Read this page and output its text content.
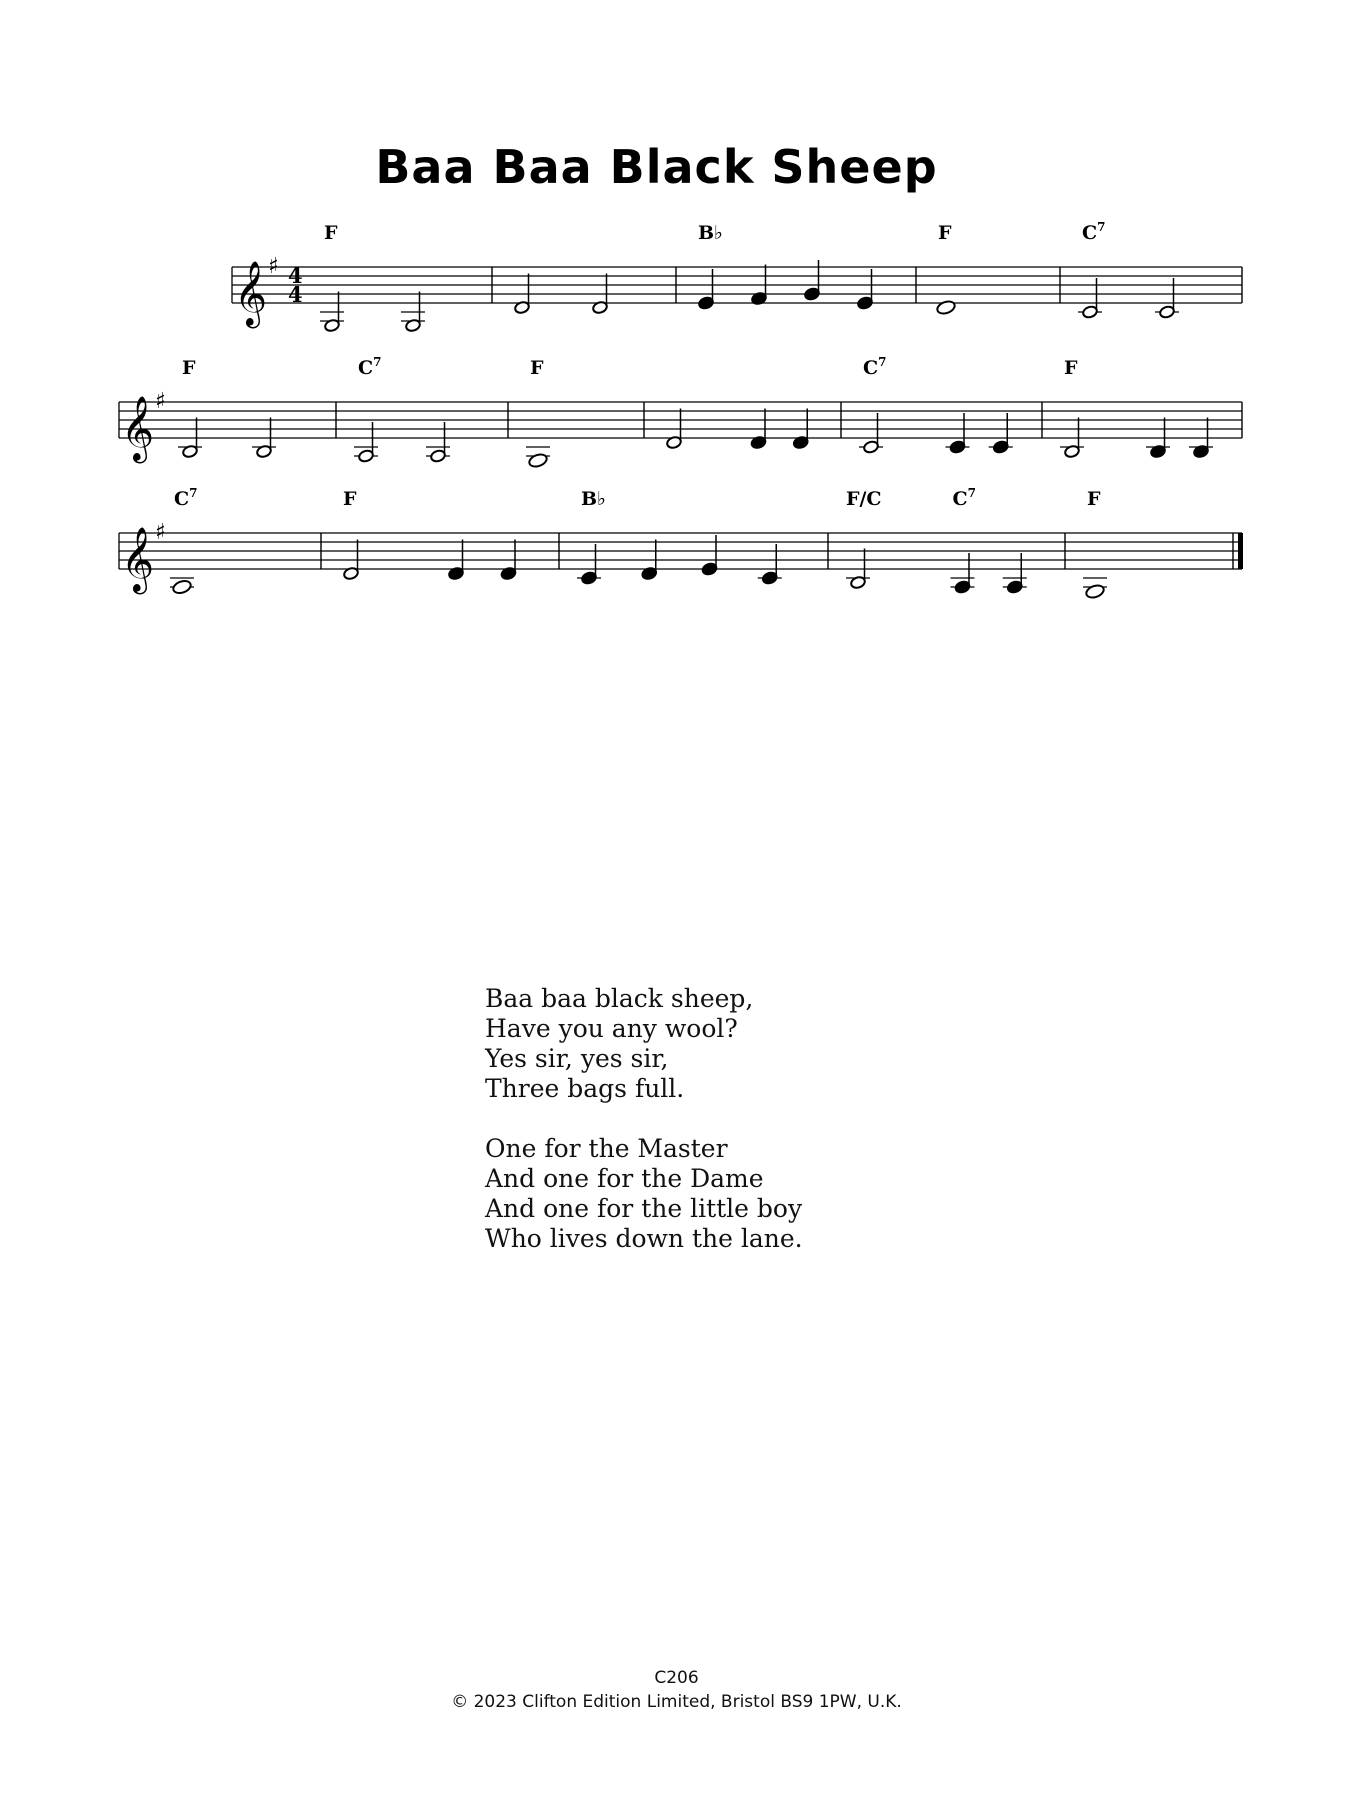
Baa Baa Black Sheep
𝄞 ♯ 4
4
F	B♭	F	$C^7$
𝄞 ♯
F	$C^7$	F	$C^7$	F
𝄞 ♯
$C^7$	F	B♭	F/C	$C^7$	F
Baa baa black sheep,
Have you any wool?
Yes sir, yes sir,
Three bags full.
One for the Master
And one for the Dame
And one for the little boy
Who lives down the lane.
C206
© 2023 Clifton Edition Limited, Bristol BS9 1PW, U.K.
